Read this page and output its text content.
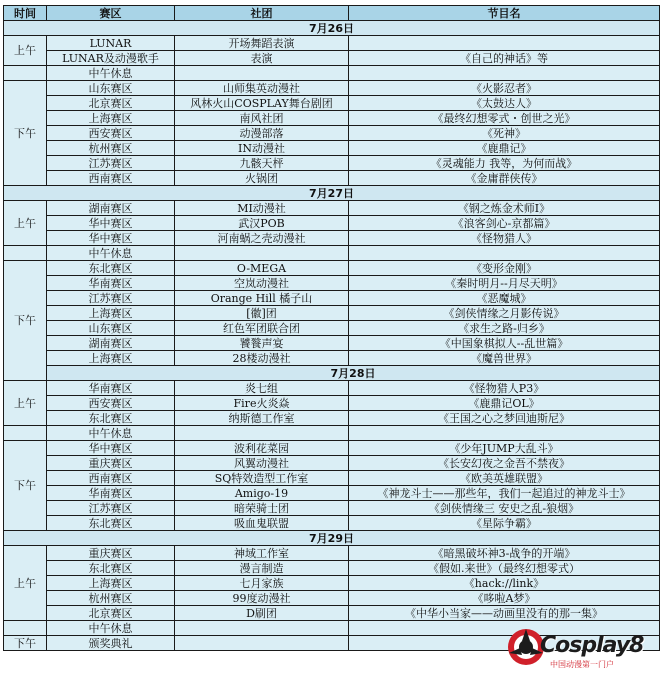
时间	赛区	社团	节目名
7月26日			
上午	LUNAR	开场舞蹈表演	
	LUNAR及动漫歌手	表演	《自己的神话》等
	中午休息		
下午	山东赛区	山师集英动漫社	《火影忍者》
	北京赛区	风林火山COSPLAY舞台剧团	《太鼓达人》
	上海赛区	南风社团	《最终幻想零式・创世之光》
	西安赛区	动漫部落	《死神》
	杭州赛区	IN动漫社	《鹿鼎记》
	江苏赛区	九骸天枰	《灵魂能力 我等，为何而战》
	西南赛区	火锅团	《金庸群侠传》
7月27日			
上午	湖南赛区	MI动漫社	《钢之炼金术师Ⅰ》
	华中赛区	武汉POB	《浪客剑心-京都篇》
	华中赛区	河南蜗之壳动漫社	《怪物猎人》
	中午休息		
下午	东北赛区	O-MEGA	《变形金刚》
	华南赛区	空岚动漫社	《秦时明月--月尽天明》
	江苏赛区	Orange Hill 橘子山	《恶魔城》
	上海赛区	[徽]团	《剑侠情缘之月影传说》
	山东赛区	红色军团联合团	《求生之路-归乡》
	湖南赛区	饕餮声宴	《中国象棋拟人--乱世篇》
	上海赛区	28楼动漫社	《魔兽世界》
	7月28日		
上午	华南赛区	炎七组	《怪物猎人P3》
	西安赛区	Fire火炎焱	《鹿鼎记OL》
	东北赛区	纳斯德工作室	《王国之心之梦回迪斯尼》
	中午休息		
下午	华中赛区	波利花菜园	《少年JUMP大乱斗》
	重庆赛区	风翼动漫社	《长安幻夜之金吾不禁夜》
	西南赛区	SQ特效造型工作室	《欧美英雄联盟》
	华南赛区	Amigo-19	《神龙斗士——那些年，我们一起追过的神龙斗士》
	江苏赛区	暗荣骑士团	《剑侠情缘三 安史之乱-狼烟》
	东北赛区	吸血鬼联盟	《星际争霸》
7月29日			
上午	重庆赛区	神域工作室	《暗黑破坏神3-战争的开端》
	东北赛区	漫言制造	《假如.来世》（最终幻想零式）
	上海赛区	七月家族	《hack://link》
	杭州赛区	99度动漫社	《哆啦A梦》
	北京赛区	D刷团	《中华小当家——动画里没有的那一集》
	中午休息		
下午	颁奖典礼			Cosplay8
中国动漫第一门户
